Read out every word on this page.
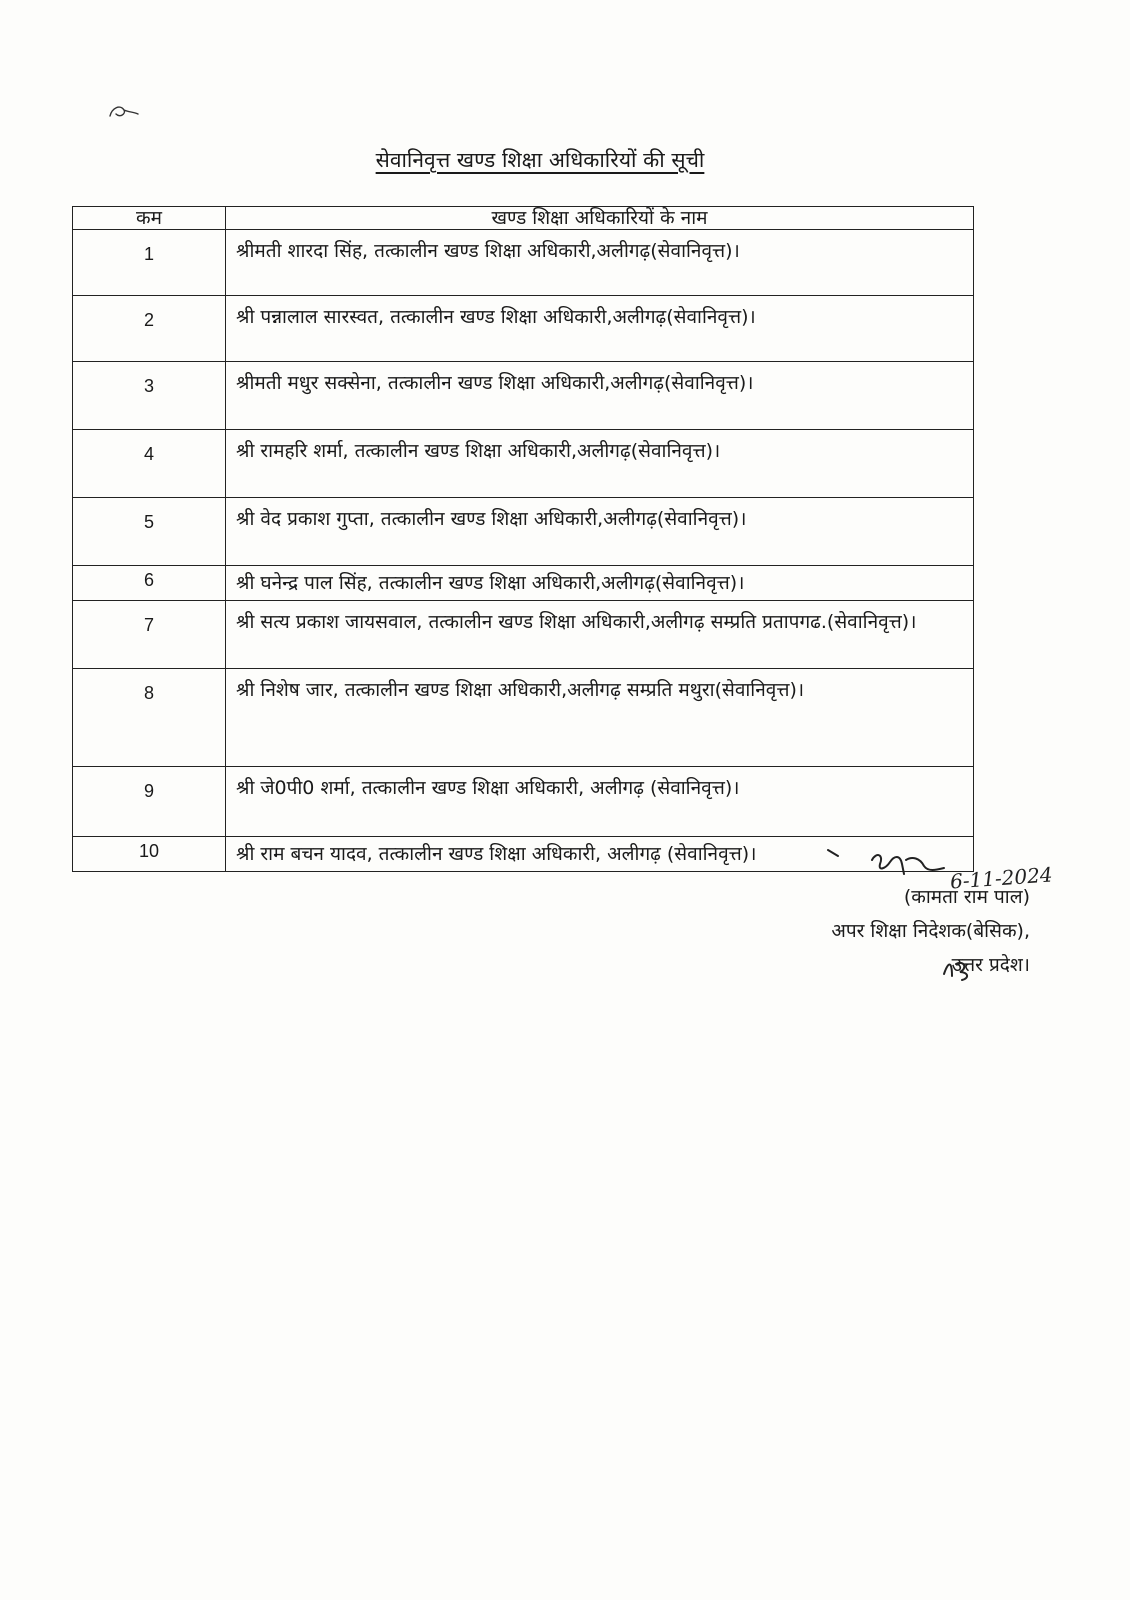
सेवानिवृत्त खण्ड शिक्षा अधिकारियों की सूची
कम	खण्ड शिक्षा अधिकारियों के नाम
1	श्रीमती शारदा सिंह, तत्कालीन खण्ड शिक्षा अधिकारी,अलीगढ़(सेवानिवृत्त)।
2	श्री पन्नालाल सारस्वत, तत्कालीन खण्ड शिक्षा अधिकारी,अलीगढ़(सेवानिवृत्त)।
3	श्रीमती मधुर सक्सेना, तत्कालीन खण्ड शिक्षा अधिकारी,अलीगढ़(सेवानिवृत्त)।
4	श्री रामहरि शर्मा, तत्कालीन खण्ड शिक्षा अधिकारी,अलीगढ़(सेवानिवृत्त)।
5	श्री वेद प्रकाश गुप्ता, तत्कालीन खण्ड शिक्षा अधिकारी,अलीगढ़(सेवानिवृत्त)।
6	श्री घनेन्द्र पाल सिंह, तत्कालीन खण्ड शिक्षा अधिकारी,अलीगढ़(सेवानिवृत्त)।
7	श्री सत्य प्रकाश जायसवाल, तत्कालीन खण्ड शिक्षा अधिकारी,अलीगढ़ सम्प्रति प्रतापगढ.(सेवानिवृत्त)।
8	श्री निशेष जार, तत्कालीन खण्ड शिक्षा अधिकारी,अलीगढ़ सम्प्रति मथुरा(सेवानिवृत्त)।
9	श्री जे0पी0 शर्मा, तत्कालीन खण्ड शिक्षा अधिकारी, अलीगढ़ (सेवानिवृत्त)।
10	श्री राम बचन यादव, तत्कालीन खण्ड शिक्षा अधिकारी, अलीगढ़ (सेवानिवृत्त)।
6-11-2024
(कामता राम पाल)
अपर शिक्षा निदेशक(बेसिक),
उत्तर प्रदेश।
